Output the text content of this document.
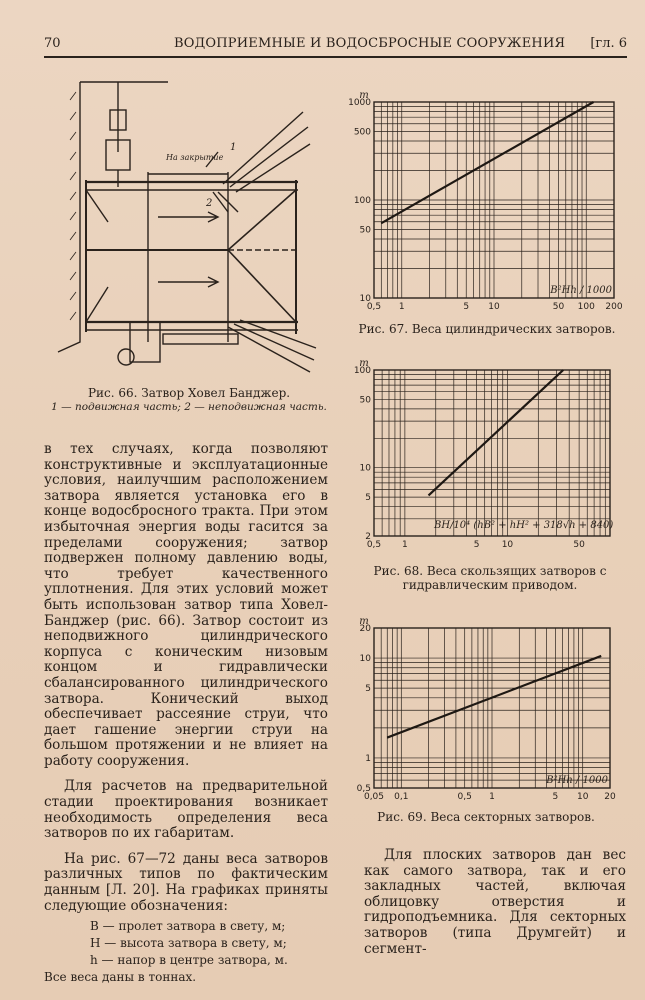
70	ВОДОПРИЕМНЫЕ И ВОДОСБРОСНЫЕ СООРУЖЕНИЯ [гл. 6
На закрытие
1
2
Рис. 66. Затвор Ховел Банджер.
1 — подвижная часть; 2 — неподвижная часть.

в тех случаях, когда позволяют конструктивные и эксплуатационные условия, наилучшим расположением затвора является установка его в конце водосбросного тракта. При этом избыточная энергия воды гасится за пределами сооружения; затвор подвержен полному давлению воды, что требует качественного уплотнения. Для этих условий может быть использован затвор типа Ховел-Банджер (рис. 66). Затвор состоит из неподвижного цилиндрического корпуса с коническим низовым концом и гидравлически сбалансированного цилиндрического затвора. Конический выход обеспечивает рассеяние струи, что дает гашение энергии струи на большом протяжении и не влияет на работу сооружения.

Для расчетов на предварительной стадии проектирования возникает необходимость определения веса затворов по их габаритам.

На рис. 67—72 даны веса затворов различных типов по фактическим данным [Л. 20]. На графиках приняты следующие обозначения:

B — пролет затвора в свету, м;
H — высота затвора в свету, м;
h — напор в центре затвора, м.

Все веса даны в тоннах.

0,5 1	5 10	50 100 200
10
50
100
500
1000
т
B²Hh / 1000
Рис. 67. Веса цилиндрических затворов.
0,5 1	5 10	50
2
5
10
50
100
т
BH/10⁴ (hB² + hH² + 318√h + 840)
Рис. 68. Веса скользящих затворов с гидравлическим приводом.
0,05 0,1	0,5 1	5 10 20
0,5
1
5
10
20
т
B²Hh / 1000
Рис. 69. Веса секторных затворов.

Для плоских затворов дан вес как самого затвора, так и его закладных частей, включая облицовку отверстия и гидроподъемника. Для секторных затворов (типа Друмгейт) и сегмент-
